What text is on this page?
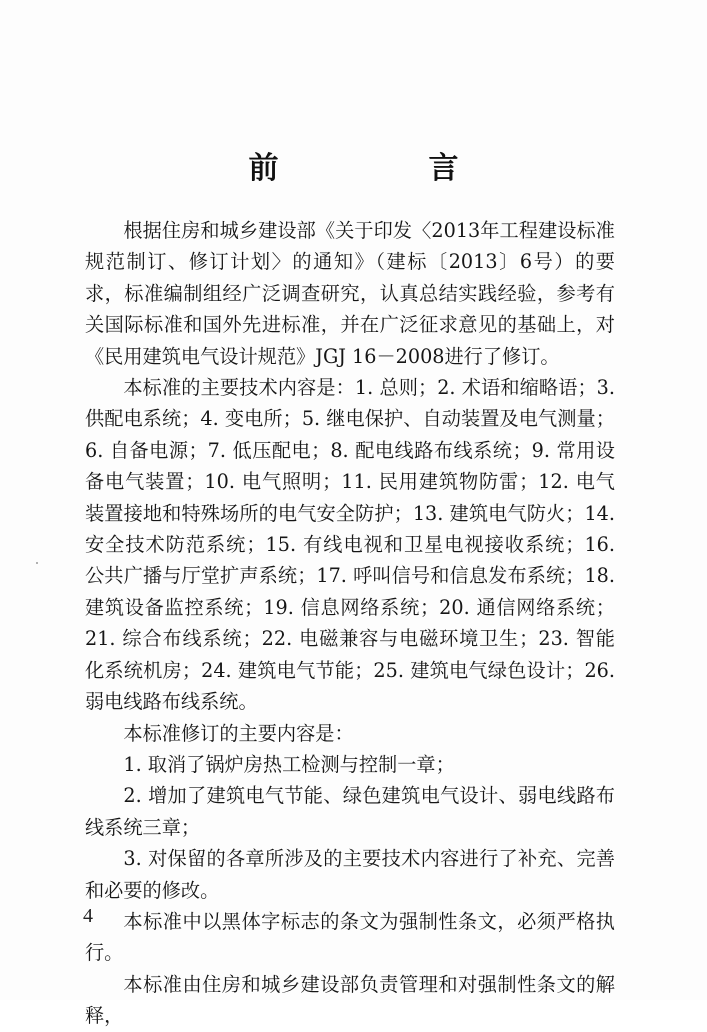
前　言

根据住房和城乡建设部《关于印发〈2013年工程建设标准规范制订、修订计划〉的通知》（建标〔2013〕6号）的要求，标准编制组经广泛调查研究，认真总结实践经验，参考有关国际标准和国外先进标准，并在广泛征求意见的基础上，对《民用建筑电气设计规范》JGJ 16－2008进行了修订。

本标准的主要技术内容是：1. 总则；2. 术语和缩略语；3. 供配电系统；4. 变电所；5. 继电保护、自动装置及电气测量；6. 自备电源；7. 低压配电；8. 配电线路布线系统；9. 常用设备电气装置；10. 电气照明；11. 民用建筑物防雷；12. 电气装置接地和特殊场所的电气安全防护；13. 建筑电气防火；14. 安全技术防范系统；15. 有线电视和卫星电视接收系统；16. 公共广播与厅堂扩声系统；17. 呼叫信号和信息发布系统；18. 建筑设备监控系统；19. 信息网络系统；20. 通信网络系统；21. 综合布线系统；22. 电磁兼容与电磁环境卫生；23. 智能化系统机房；24. 建筑电气节能；25. 建筑电气绿色设计；26. 弱电线路布线系统。

本标准修订的主要内容是：

1. 取消了锅炉房热工检测与控制一章；

2. 增加了建筑电气节能、绿色建筑电气设计、弱电线路布线系统三章；

3. 对保留的各章所涉及的主要技术内容进行了补充、完善和必要的修改。

本标准中以黑体字标志的条文为强制性条文，必须严格执行。

本标准由住房和城乡建设部负责管理和对强制性条文的解释，

4
